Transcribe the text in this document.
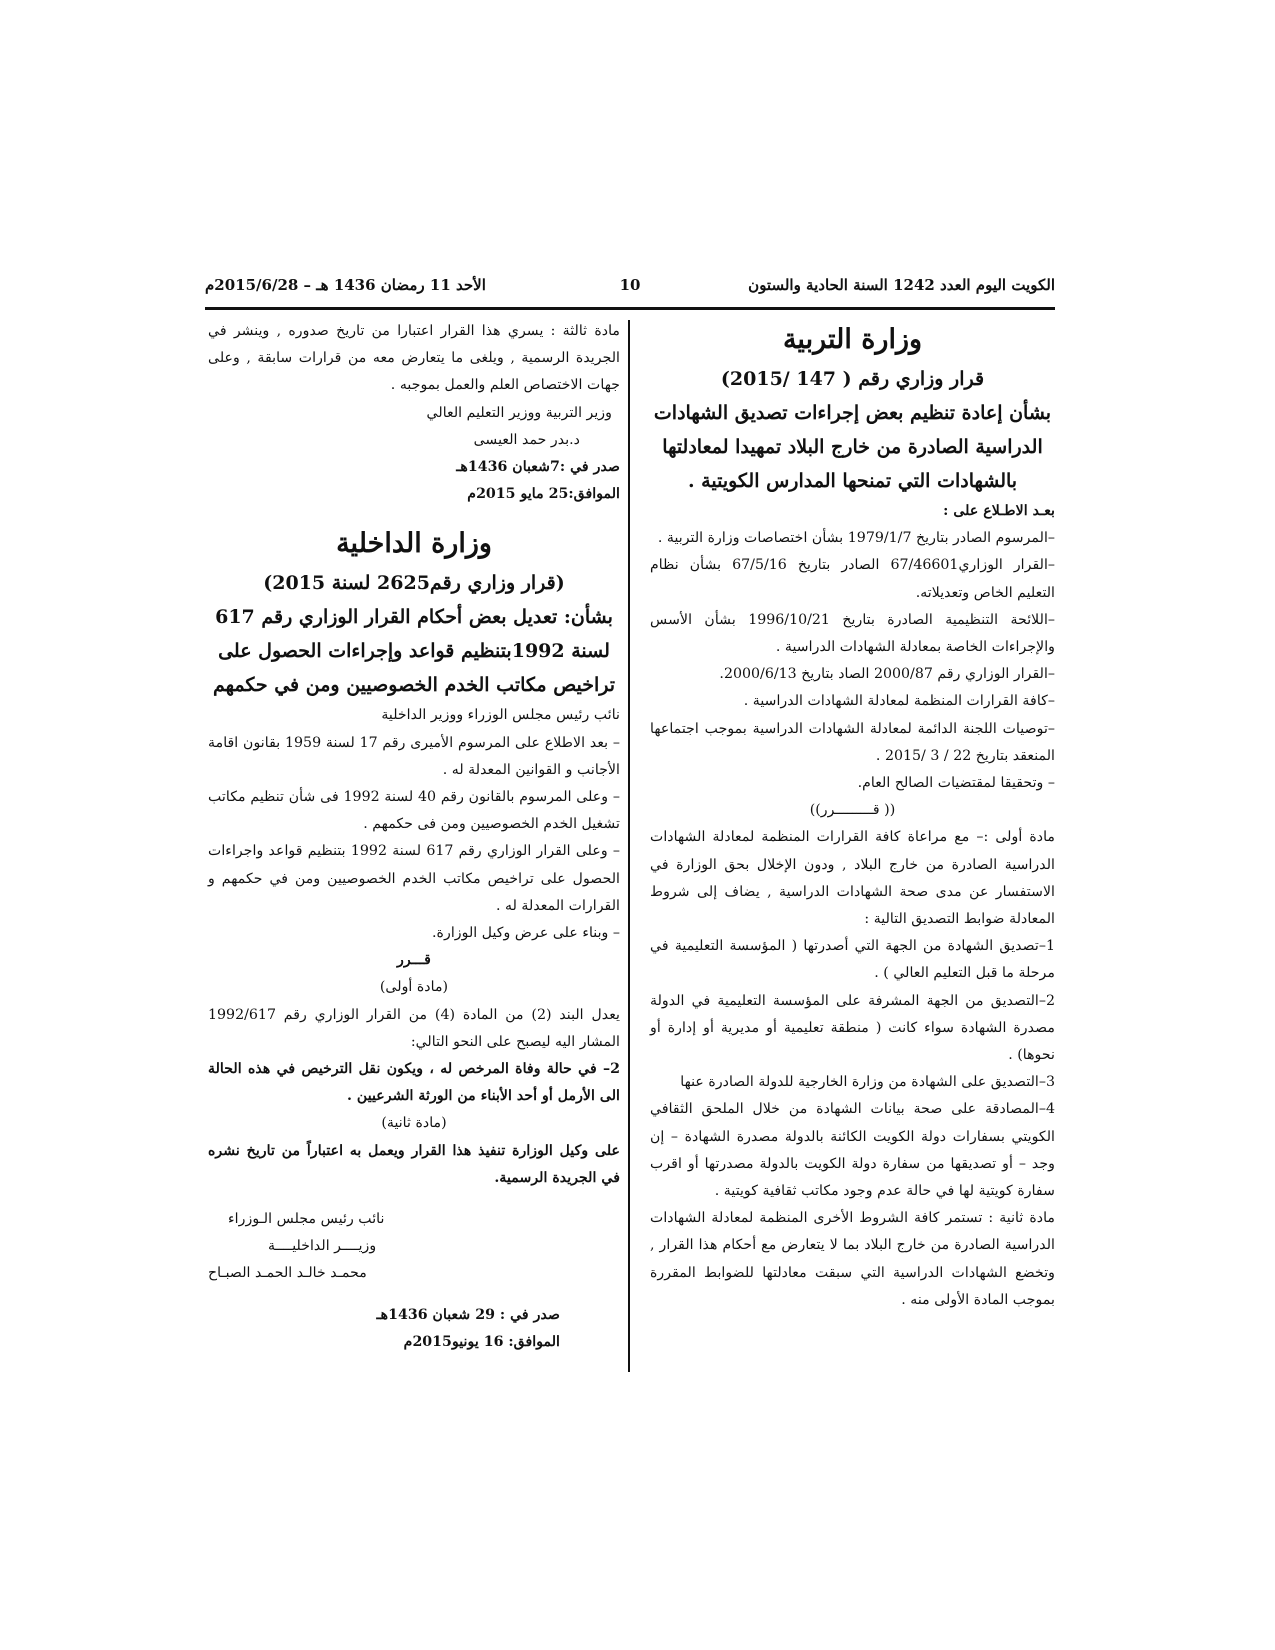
الكويت اليوم العدد 1242 السنة الحادية والستون
10
الأحد 11 رمضان 1436 هـ – 2015/6/28م

وزارة التربية

قرار وزاري رقم ( 147 /2015)

بشأن إعادة تنظيم بعض إجراءات تصديق الشهادات الدراسية الصادرة من خارج البلاد تمهيدا لمعادلتها بالشهادات التي تمنحها المدارس الكويتية .

بعـد الاطـلاع على :

–المرسوم الصادر بتاريخ 1979/1/7 بشأن اختصاصات وزارة التربية .

–القرار الوزاري67/46601 الصادر بتاريخ 67/5/16 بشأن نظام التعليم الخاص وتعديلاته.

–اللائحة التنظيمية الصادرة بتاريخ 1996/10/21 بشأن الأسس والإجراءات الخاصة بمعادلة الشهادات الدراسية .

–القرار الوزاري رقم 2000/87 الصاد بتاريخ 2000/6/13.

–كافة القرارات المنظمة لمعادلة الشهادات الدراسية .

–توصيات اللجنة الدائمة لمعادلة الشهادات الدراسية بموجب اجتماعها المنعقد بتاريخ 22 / 3 /2015 .

– وتحقيقا لمقتضيات الصالح العام.

(( قـــــــــرر))

مادة أولى :– مع مراعاة كافة القرارات المنظمة لمعادلة الشهادات الدراسية الصادرة من خارج البلاد , ودون الإخلال بحق الوزارة في الاستفسار عن مدى صحة الشهادات الدراسية , يضاف إلى شروط المعادلة ضوابط التصديق التالية :

1–تصديق الشهادة من الجهة التي أصدرتها ( المؤسسة التعليمية في مرحلة ما قبل التعليم العالي ) .

2–التصديق من الجهة المشرفة على المؤسسة التعليمية في الدولة مصدرة الشهادة سواء كانت ( منطقة تعليمية أو مديرية أو إدارة أو نحوها) .

3–التصديق على الشهادة من وزارة الخارجية للدولة الصادرة عنها

4–المصادقة على صحة بيانات الشهادة من خلال الملحق الثقافي الكويتي بسفارات دولة الكويت الكائنة بالدولة مصدرة الشهادة – إن وجد – أو تصديقها من سفارة دولة الكويت بالدولة مصدرتها أو اقرب سفارة كويتية لها في حالة عدم وجود مكاتب ثقافية كويتية .

مادة ثانية : تستمر كافة الشروط الأخرى المنظمة لمعادلة الشهادات الدراسية الصادرة من خارج البلاد بما لا يتعارض مع أحكام هذا القرار , وتخضع الشهادات الدراسية التي سبقت معادلتها للضوابط المقررة بموجب المادة الأولى منه .

مادة ثالثة : يسري هذا القرار اعتبارا من تاريخ صدوره , وينشر في الجريدة الرسمية , ويلغى ما يتعارض معه من قرارات سابقة , وعلى جهات الاختصاص العلم والعمل بموجبه .

وزير التربية ووزير التعليم العالي

د.بدر حمد العيسى

صدر في :7شعبان 1436هـ

الموافق:25 مايو 2015م

وزارة الداخلية

(قرار وزاري رقم2625 لسنة 2015)

بشأن: تعديل بعض أحكام القرار الوزاري رقم 617 لسنة 1992بتنظيم قواعد وإجراءات الحصول على تراخيص مكاتب الخدم الخصوصيين ومن في حكمهم

نائب رئيس مجلس الوزراء ووزير الداخلية

– بعد الاطلاع على المرسوم الأميرى رقم 17 لسنة 1959 بقانون اقامة الأجانب و القوانين المعدلة له .

– وعلى المرسوم بالقانون رقم 40 لسنة 1992 فى شأن تنظيم مكاتب تشغيل الخدم الخصوصيين ومن فى حكمهم .

– وعلى القرار الوزاري رقم 617 لسنة 1992 بتنظيم قواعد واجراءات الحصول على تراخيص مكاتب الخدم الخصوصيين ومن في حكمهم و القرارات المعدلة له .

– وبناء على عرض وكيل الوزارة.

قـــرر

(مادة أولى)

يعدل البند (2) من المادة (4) من القرار الوزاري رقم 1992/617 المشار اليه ليصبح على النحو التالي:

2– في حالة وفاة المرخص له ، ويكون نقل الترخيص في هذه الحالة الى الأرمل أو أحد الأبناء من الورثة الشرعيين .

(مادة ثانية)

على وكيل الوزارة تنفيذ هذا القرار ويعمل به اعتباراً من تاريخ نشره في الجريدة الرسمية.

نائب رئيس مجلس الـوزراء

وزيــــر الداخليــــة

محمـد خالـد الحمـد الصبـاح

صدر في : 29 شعبان 1436هـ

الموافق: 16 يونيو2015م
